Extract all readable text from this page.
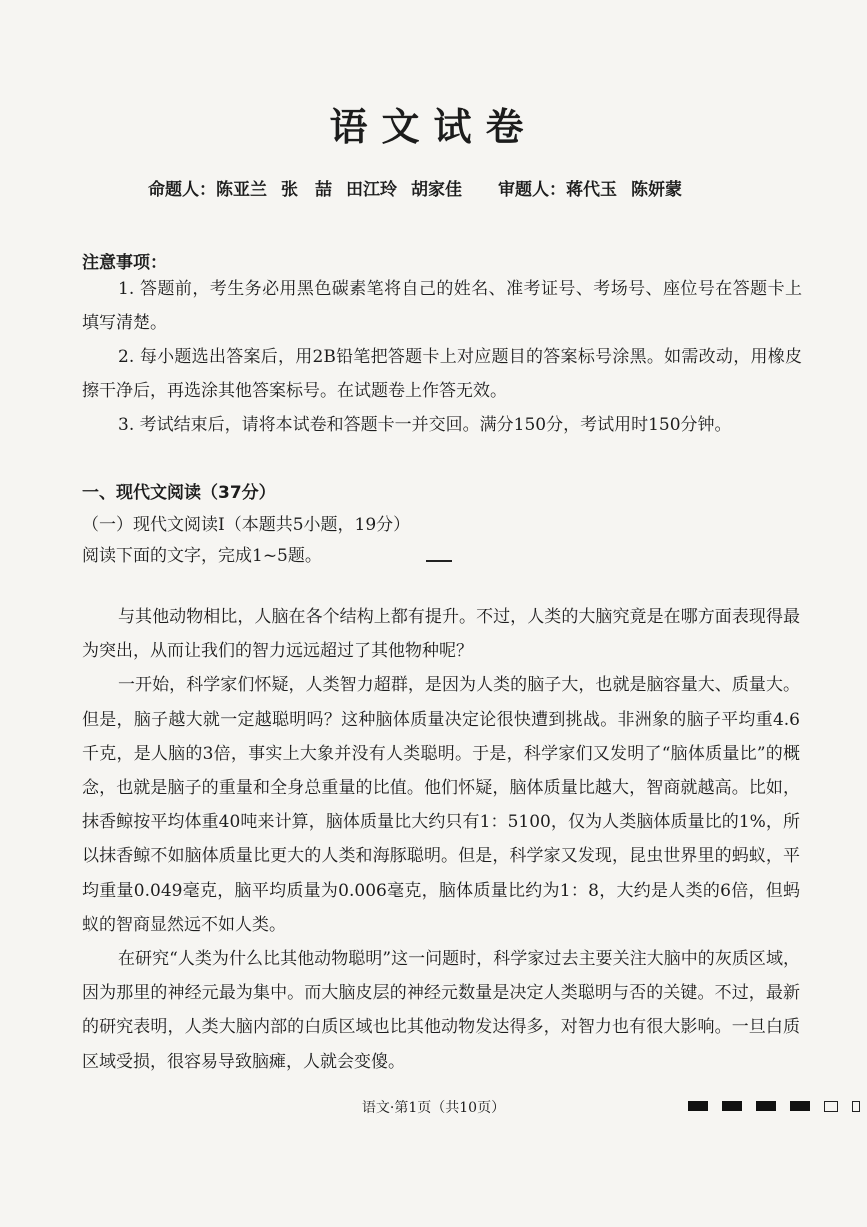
语文试卷
命题人：陈亚兰 张　喆 田江玲 胡家佳 审题人：蒋代玉 陈妍蒙
注意事项：

1. 答题前，考生务必用黑色碳素笔将自己的姓名、准考证号、考场号、座位号在答题卡上填写清楚。

2. 每小题选出答案后，用2B铅笔把答题卡上对应题目的答案标号涂黑。如需改动，用橡皮擦干净后，再选涂其他答案标号。在试题卷上作答无效。

3. 考试结束后，请将本试卷和答题卡一并交回。满分150分，考试用时150分钟。

一、现代文阅读（37分）
（一）现代文阅读Ⅰ（本题共5小题，19分）
阅读下面的文字，完成1~5题。

与其他动物相比，人脑在各个结构上都有提升。不过，人类的大脑究竟是在哪方面表现得最为突出，从而让我们的智力远远超过了其他物种呢？

一开始，科学家们怀疑，人类智力超群，是因为人类的脑子大，也就是脑容量大、质量大。但是，脑子越大就一定越聪明吗？这种脑体质量决定论很快遭到挑战。非洲象的脑子平均重4.6千克，是人脑的3倍，事实上大象并没有人类聪明。于是，科学家们又发明了“脑体质量比”的概念，也就是脑子的重量和全身总重量的比值。他们怀疑，脑体质量比越大，智商就越高。比如，抹香鲸按平均体重40吨来计算，脑体质量比大约只有1：5100，仅为人类脑体质量比的1%，所以抹香鲸不如脑体质量比更大的人类和海豚聪明。但是，科学家又发现，昆虫世界里的蚂蚁，平均重量0.049毫克，脑平均质量为0.006毫克，脑体质量比约为1：8，大约是人类的6倍，但蚂蚁的智商显然远不如人类。

在研究“人类为什么比其他动物聪明”这一问题时，科学家过去主要关注大脑中的灰质区域，因为那里的神经元最为集中。而大脑皮层的神经元数量是决定人类聪明与否的关键。不过，最新的研究表明，人类大脑内部的白质区域也比其他动物发达得多，对智力也有很大影响。一旦白质区域受损，很容易导致脑瘫，人就会变傻。

语文·第1页（共10页）
